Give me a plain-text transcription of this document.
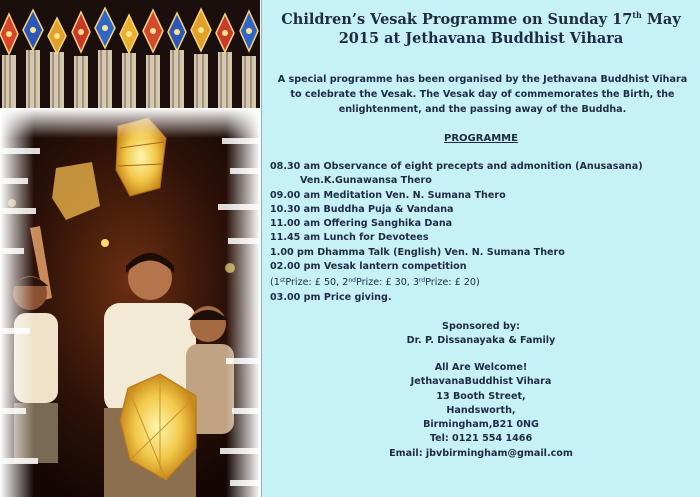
Children’s Vesak Programme on Sunday 17th May
2015 at Jethavana Buddhist Vihara

A special programme has been organised by the Jethavana Buddhist Vihara
to celebrate the Vesak. The Vesak day of commemorates the Birth, the
enlightenment, and the passing away of the Buddha.

PROGRAMME
08.30 am Observance of eight precepts and admonition (Anusasana)
Ven.K.Gunawansa Thero
09.00 am Meditation Ven. N. Sumana Thero
10.30 am Buddha Puja & Vandana
11.00 am Offering Sanghika Dana
11.45 am Lunch for Devotees
1.00 pm Dhamma Talk (English) Ven. N. Sumana Thero
02.00 pm Vesak lantern competition
(1stPrize: £ 50, 2ndPrize: £ 30, 3rdPrize: £ 20)
03.00 pm Price giving.
Sponsored by:
Dr. P. Dissanayaka & Family
All Are Welcome!
JethavanaBuddhist Vihara
13 Booth Street,
Handsworth,
Birmingham,B21 0NG
Tel: 0121 554 1466
Email: jbvbirmingham@gmail.com
